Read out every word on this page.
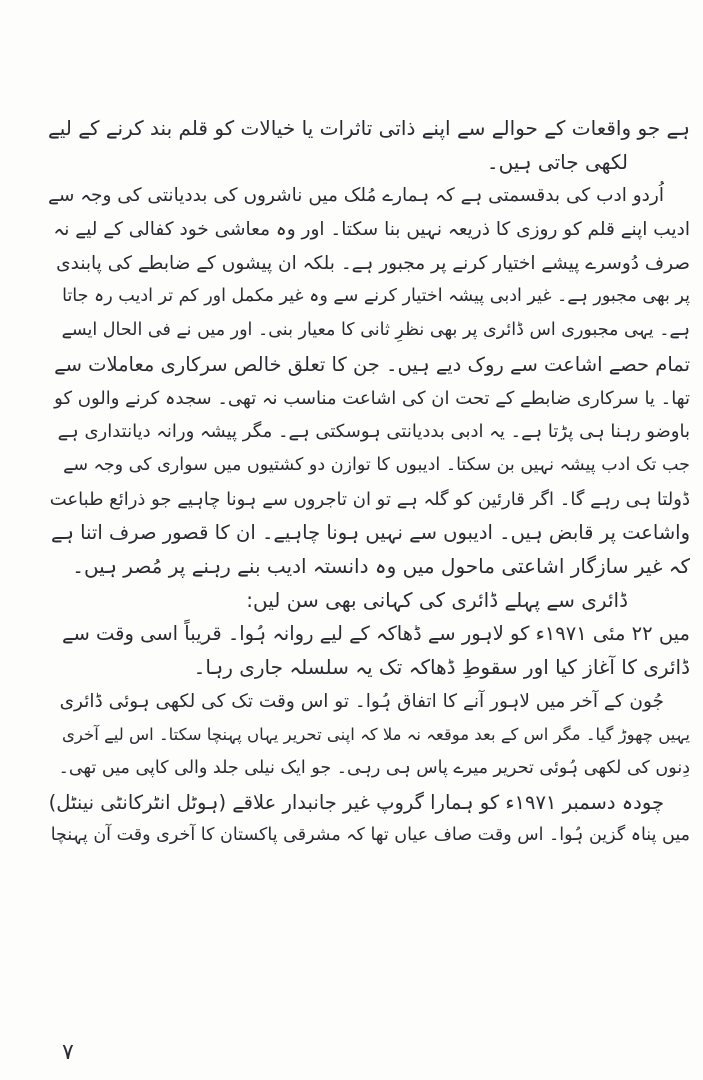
ہے جو واقعات کے حوالے سے اپنے ذاتی تاثرات یا خیالات کو قلم بند کرنے کے لیے
لکھی جاتی ہیں۔
اُردو ادب کی بدقسمتی ہے کہ ہمارے مُلک میں ناشروں کی بددیانتی کی وجہ سے
ادیب اپنے قلم کو روزی کا ذریعہ نہیں بنا سکتا۔ اور وہ معاشی خود کفالی کے لیے نہ
صرف دُوسرے پیشے اختیار کرنے پر مجبور ہے۔ بلکہ ان پیشوں کے ضابطے کی پابندی
پر بھی مجبور ہے۔ غیر ادبی پیشہ اختیار کرنے سے وہ غیر مکمل اور کم تر ادیب رہ جاتا
ہے۔ یہی مجبوری اس ڈائری پر بھی نظرِ ثانی کا معیار بنی۔ اور میں نے فی الحال ایسے
تمام حصے اشاعت سے روک دیے ہیں۔ جن کا تعلق خالص سرکاری معاملات سے
تھا۔ یا سرکاری ضابطے کے تحت ان کی اشاعت مناسب نہ تھی۔ سجدہ کرنے والوں کو
باوضو رہنا ہی پڑتا ہے۔ یہ ادبی بددیانتی ہوسکتی ہے۔ مگر پیشہ ورانہ دیانتداری ہے
جب تک ادب پیشہ نہیں بن سکتا۔ ادیبوں کا توازن دو کشتیوں میں سواری کی وجہ سے
ڈولتا ہی رہے گا۔ اگر قارئین کو گلہ ہے تو ان تاجروں سے ہونا چاہیے جو ذرائع طباعت
واشاعت پر قابض ہیں۔ ادیبوں سے نہیں ہونا چاہیے۔ ان کا قصور صرف اتنا ہے
کہ غیر سازگار اشاعتی ماحول میں وہ دانستہ ادیب بنے رہنے پر مُصر ہیں۔
ڈائری سے پہلے ڈائری کی کہانی بھی سن لیں:
میں ۲۲ مئی ۱۹۷۱ء کو لاہور سے ڈھاکہ کے لیے روانہ ہُوا۔ قریباً اسی وقت سے
ڈائری کا آغاز کیا اور سقوطِ ڈھاکہ تک یہ سلسلہ جاری رہا۔
جُون کے آخر میں لاہور آنے کا اتفاق ہُوا۔ تو اس وقت تک کی لکھی ہوئی ڈائری
یہیں چھوڑ گیا۔ مگر اس کے بعد موقعہ نہ ملا کہ اپنی تحریر یہاں پہنچا سکتا۔ اس لیے آخری
دِنوں کی لکھی ہُوئی تحریر میرے پاس ہی رہی۔ جو ایک نیلی جلد والی کاپی میں تھی۔
چودہ دسمبر ۱۹۷۱ء کو ہمارا گروپ غیر جانبدار علاقے (ہوٹل انٹرکانٹی نینٹل)
میں پناہ گزین ہُوا۔ اس وقت صاف عیاں تھا کہ مشرقی پاکستان کا آخری وقت آن پہنچا
۷
